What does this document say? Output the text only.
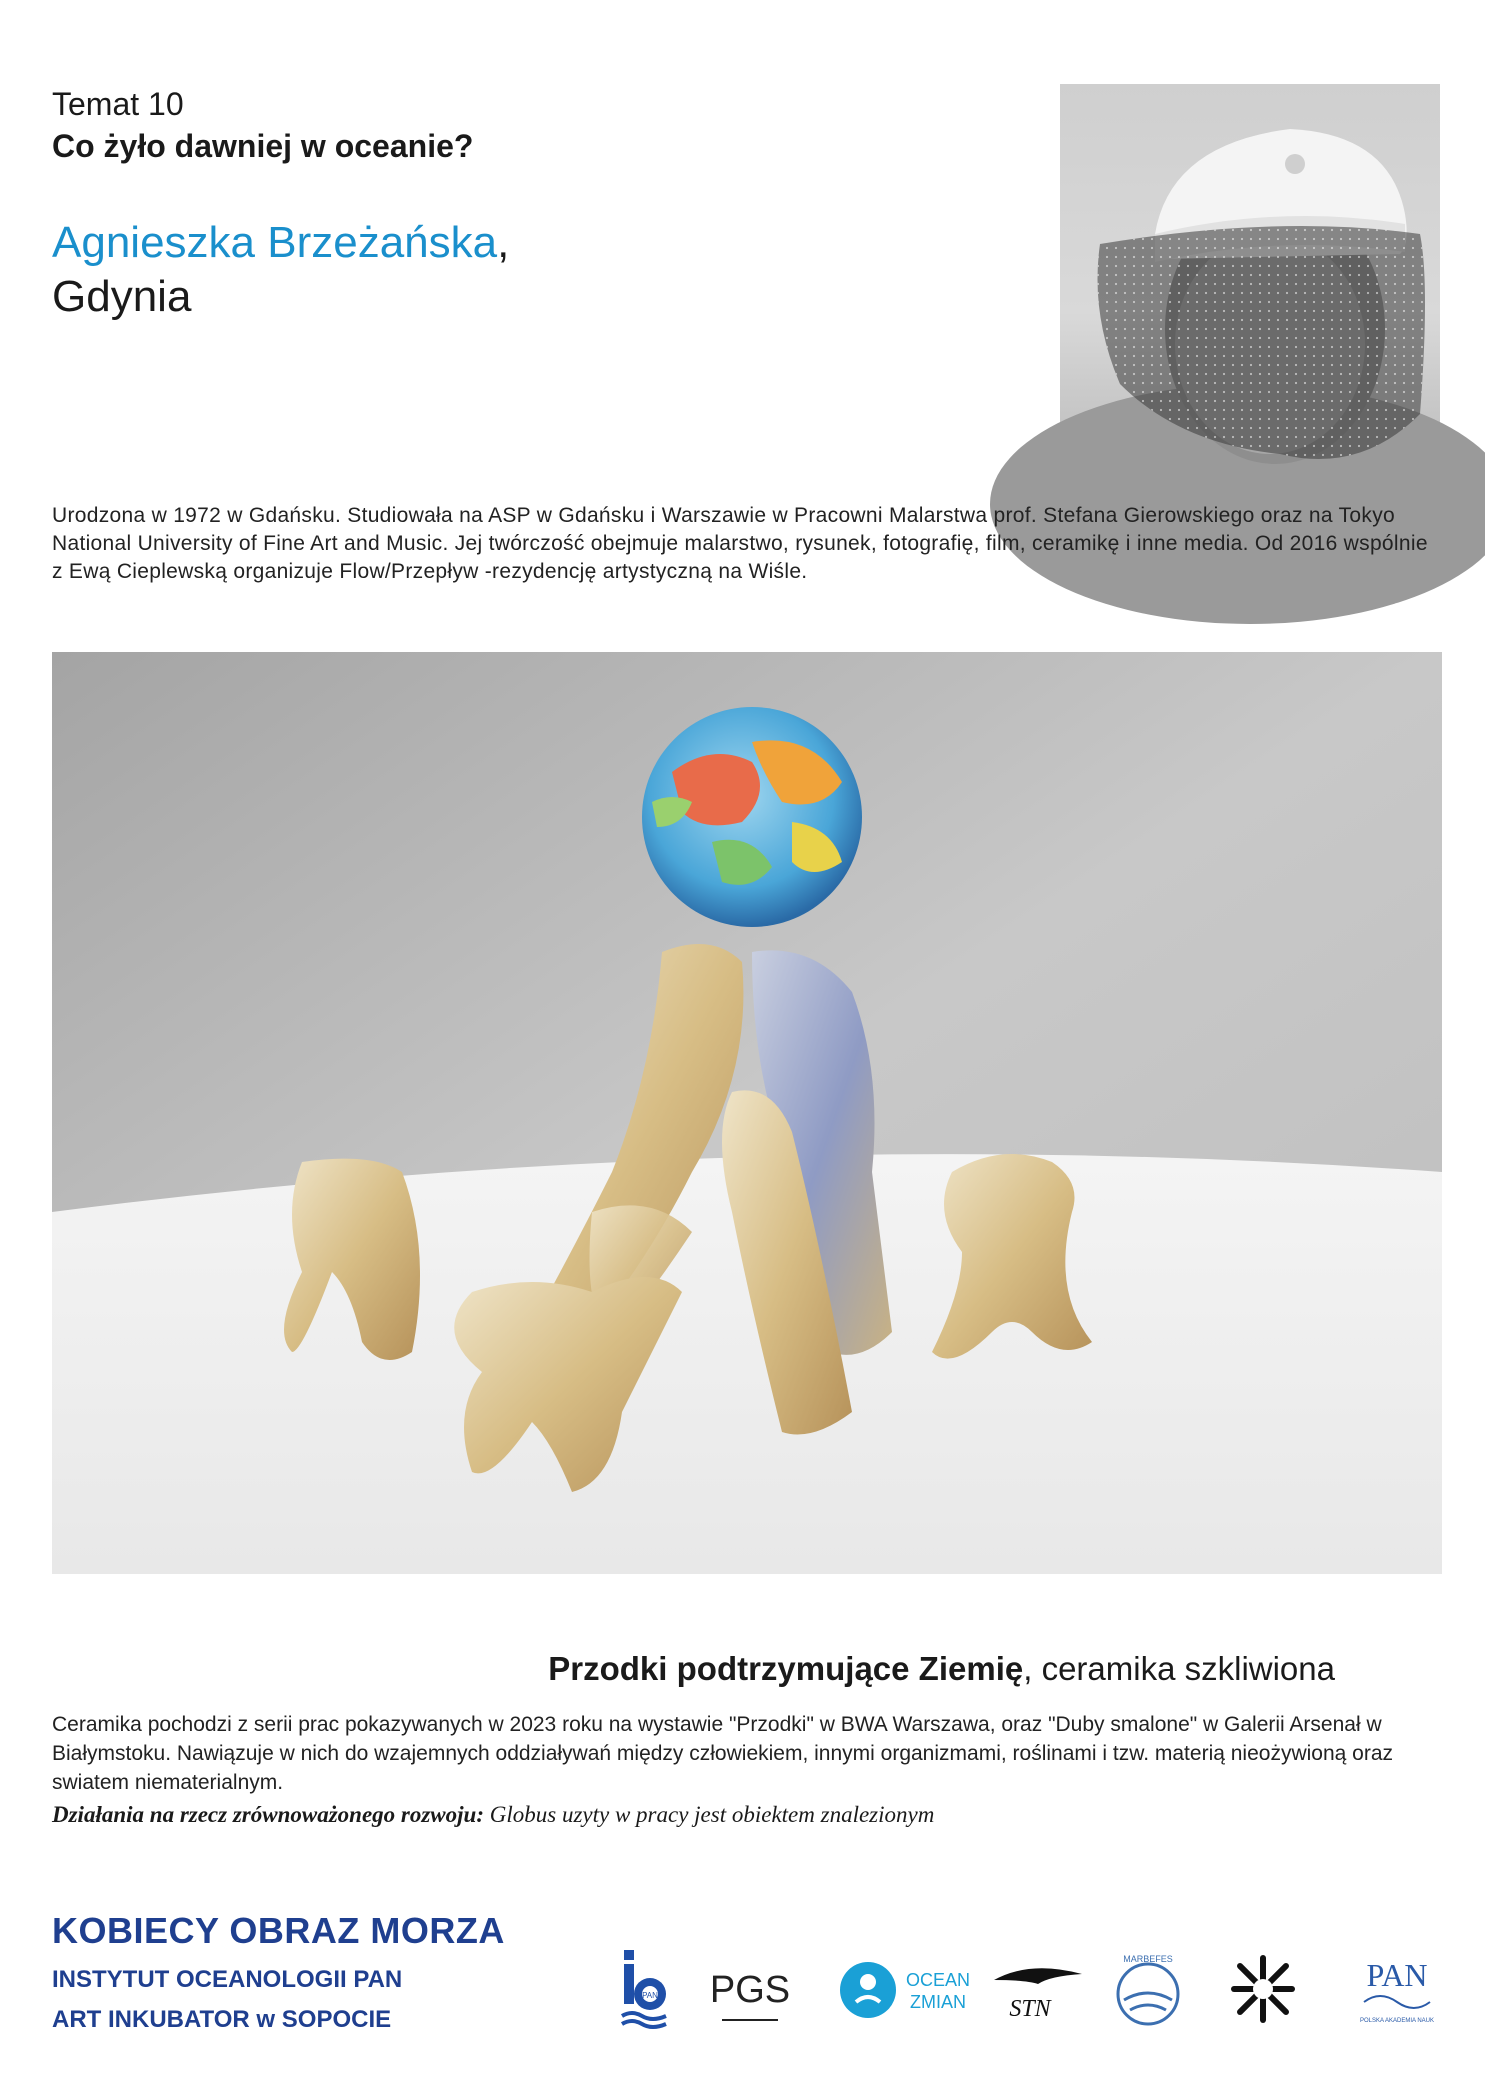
Temat 10
Co żyło dawniej w oceanie?
Agnieszka Brzeżańska,
Gdynia
Urodzona w 1972 w Gdańsku. Studiowała na ASP w Gdańsku i Warszawie w Pracowni Malarstwa prof. Stefana Gierowskiego oraz na Tokyo National University of Fine Art and Music. Jej twórczość obejmuje malarstwo, rysunek, fotografię, film, ceramikę i inne media. Od 2016 wspólnie z Ewą Cieplewską organizuje Flow/Przepływ -rezydencję artystyczną na Wiśle.
Przodki podtrzymujące Ziemię, ceramika szkliwiona
Ceramika pochodzi z serii prac pokazywanych w 2023 roku na wystawie "Przodki" w BWA Warszawa, oraz "Duby smalone" w Galerii Arsenał w Białymstoku. Nawiązuje w nich do wzajemnych oddziaływań między człowiekiem, innymi organizmami, roślinami i tzw. materią nieożywioną oraz swiatem niematerialnym.
Działania na rzecz zrównoważonego rozwoju: Globus uzyty w pracy jest obiektem znalezionym
KOBIECY OBRAZ MORZA
INSTYTUT OCEANOLOGII PAN
ART INKUBATOR w SOPOCIE
PAN PGS	OCEAN
ZMIAN STN
MARBEFES	PAN
POLSKA AKADEMIA NAUK
